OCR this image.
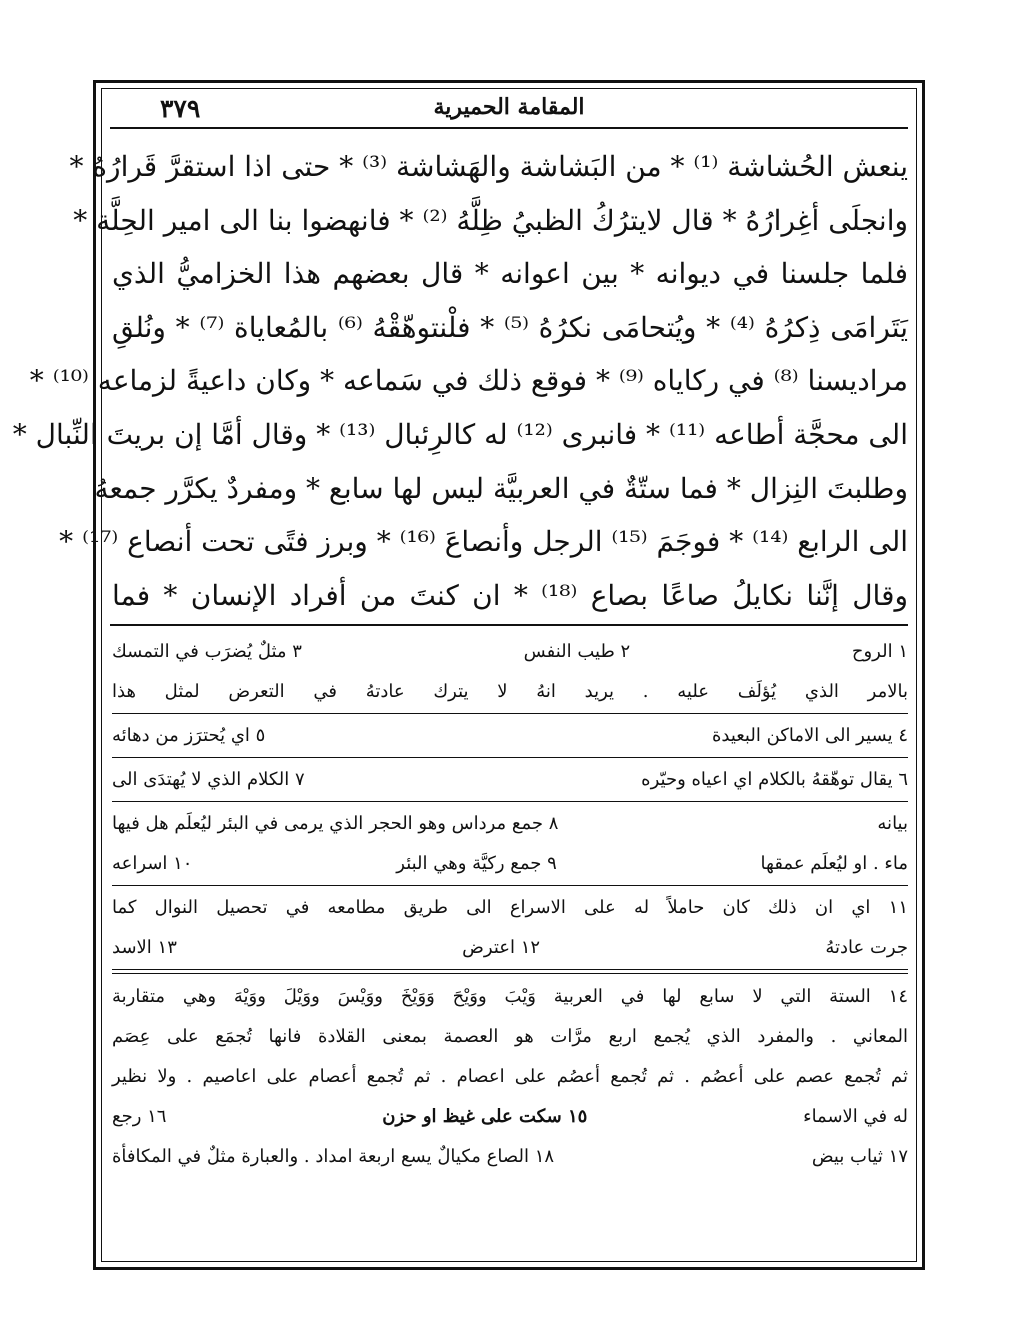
٣٧٩	المقامة الحميرية
ينعش الحُشاشة ⁽¹⁾ * من البَشاشة والهَشاشة ⁽³⁾ * حتى اذا استقرَّ قَرارُهُ *
وانجلَى أغِرارُهُ * قال لايترُكُ الظبيُ ظِلَّهُ ⁽²⁾ * فانهضوا بنا الى امير الحِلَّة *
فلما جلسنا في ديوانه * بين اعوانه * قال بعضهم هذا الخزاميُّ الذي
يَتَرامَى ذِكرُهُ ⁽⁴⁾ * ويُتحامَى نكرُهُ ⁽⁵⁾ * فلْنتوهّقْهُ ⁽⁶⁾ بالمُعاياة ⁽⁷⁾ * ونُلقِ
مراديسنا ⁽⁸⁾ في ركاياه ⁽⁹⁾ * فوقع ذلك في سَماعه * وكان داعيةً لزماعه ⁽¹⁰⁾ *
الى محجَّة أطاعه ⁽¹¹⁾ * فانبرى ⁽¹²⁾ له كالرِئبال ⁽¹³⁾ * وقال أمَّا إن بريتَ النِّبال *
وطلبتَ النِزال * فما ستّةٌ في العربيَّة ليس لها سابع * ومفردٌ يكرَّر جمعهُ
الى الرابع ⁽¹⁴⁾ * فوجَمَ ⁽¹⁵⁾ الرجل وأنصاعَ ⁽¹⁶⁾ * وبرز فتًى تحت أنصاع ⁽¹⁷⁾ *
وقال إنَّنا نكايلُ صاعًا بصاع ⁽¹⁸⁾ * ان كنتَ من أفراد الإنسان * فما
١ الروح
٢ طيب النفس
٣ مثلٌ يُضرَب في التمسك
بالامر الذي يُؤلَف عليه . يريد انهُ لا يترك عادتهُ في التعرض لمثل هذا
٤ يسير الى الاماكن البعيدة
٥ اي يُحترَز من دهائه
٦ يقال توهّقهُ بالكلام اي اعياه وحيّره
٧ الكلام الذي لا يُهتدَى الى
بيانه
٨ جمع مرداس وهو الحجر الذي يرمى في البئر ليُعلَم هل فيها
ماء . او ليُعلَم عمقها
٩ جمع ركيَّة وهي البئر
١٠ اسراعه
١١ اي ان ذلك كان حاملاً له على الاسراع الى طريق مطامعه في تحصيل النوال كما
جرت عادتهُ
١٢ اعترض
١٣ الاسد
١٤ الستة التي لا سابع لها في العربية وَيْبَ ووَيْحَ وَوَيْخَ ووَيْسَ ووَيْلَ ووَيْهَ وهي متقاربة
المعاني . والمفرد الذي يُجمع اربع مرَّات هو العصمة بمعنى القلادة فانها تُجمَع على عِصَم
ثم تُجمع عصم على أعصُم . ثم تُجمع أعصُم على اعصام . ثم تُجمع أعصام على اعاصيم . ولا نظير
له في الاسماء
١٥ سكت على غيظ او حزن
١٦ رجع
١٧ ثياب بيض
١٨ الصاع مكيالٌ يسع اربعة امداد . والعبارة مثلٌ في المكافأة
